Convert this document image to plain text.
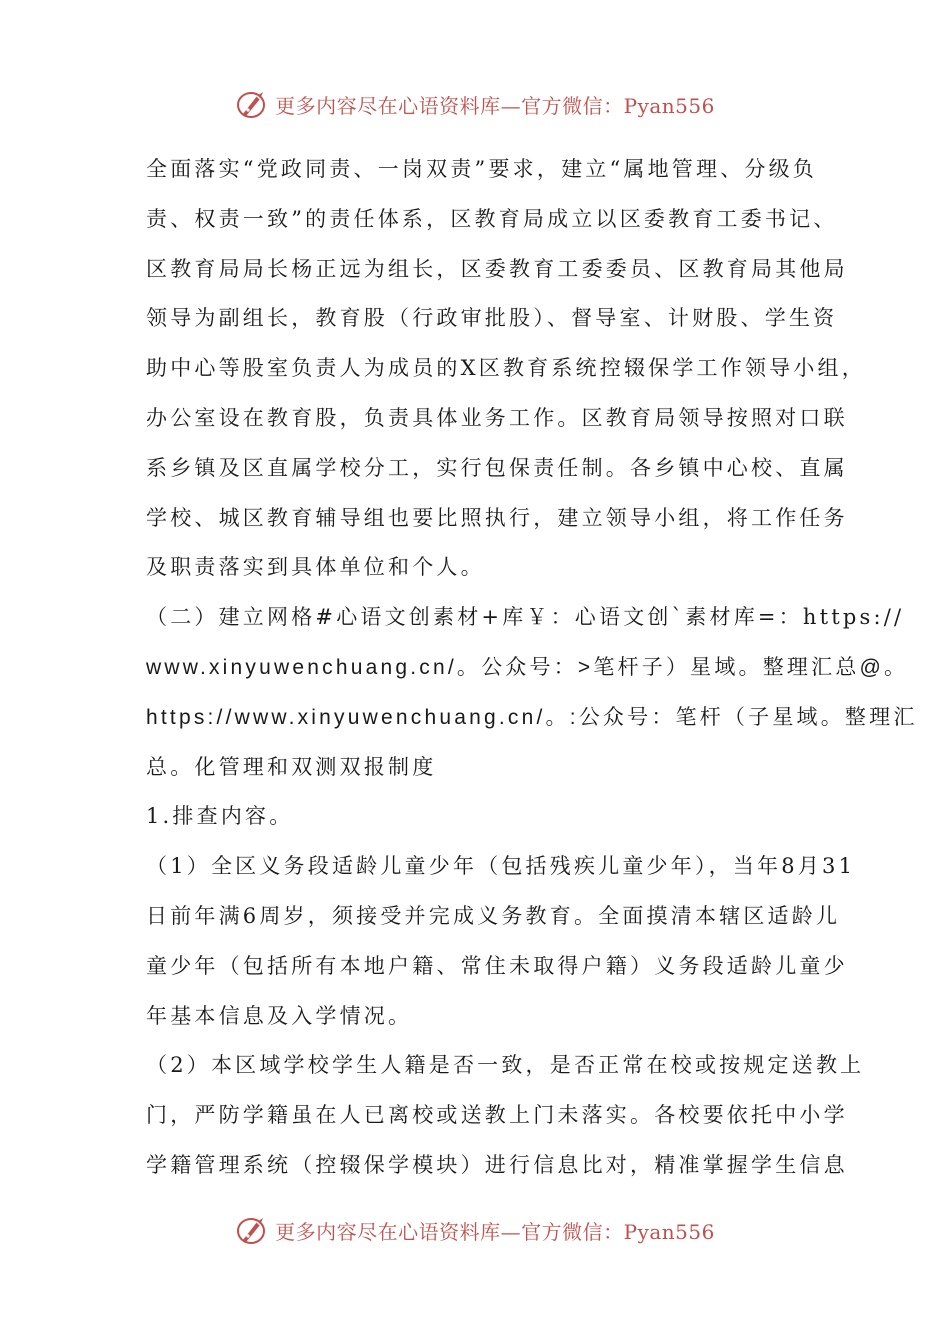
更多内容尽在心语资料库—官方微信：Pyan556
全面落实“党政同责、一岗双责”要求，建立“属地管理、分级负
责、权责一致”的责任体系，区教育局成立以区委教育工委书记、
区教育局局长杨正远为组长，区委教育工委委员、区教育局其他局
领导为副组长，教育股（行政审批股）、督导室、计财股、学生资
助中心等股室负责人为成员的X区教育系统控辍保学工作领导小组，
办公室设在教育股，负责具体业务工作。区教育局领导按照对口联
系乡镇及区直属学校分工，实行包保责任制。各乡镇中心校、直属
学校、城区教育辅导组也要比照执行，建立领导小组，将工作任务
及职责落实到具体单位和个人。
（二）建立网格#心语文创素材+库￥：心语文创`素材库=：https://
www.xinyuwenchuang.cn/。公众号：>笔杆子）星域。整理汇总@。
https://www.xinyuwenchuang.cn/。:公众号：笔杆（子星域。整理汇
总。化管理和双测双报制度
1.排查内容。
（1）全区义务段适龄儿童少年（包括残疾儿童少年），当年8月31
日前年满6周岁，须接受并完成义务教育。全面摸清本辖区适龄儿
童少年（包括所有本地户籍、常住未取得户籍）义务段适龄儿童少
年基本信息及入学情况。
（2）本区域学校学生人籍是否一致，是否正常在校或按规定送教上
门，严防学籍虽在人已离校或送教上门未落实。各校要依托中小学
学籍管理系统（控辍保学模块）进行信息比对，精准掌握学生信息
更多内容尽在心语资料库—官方微信：Pyan556
